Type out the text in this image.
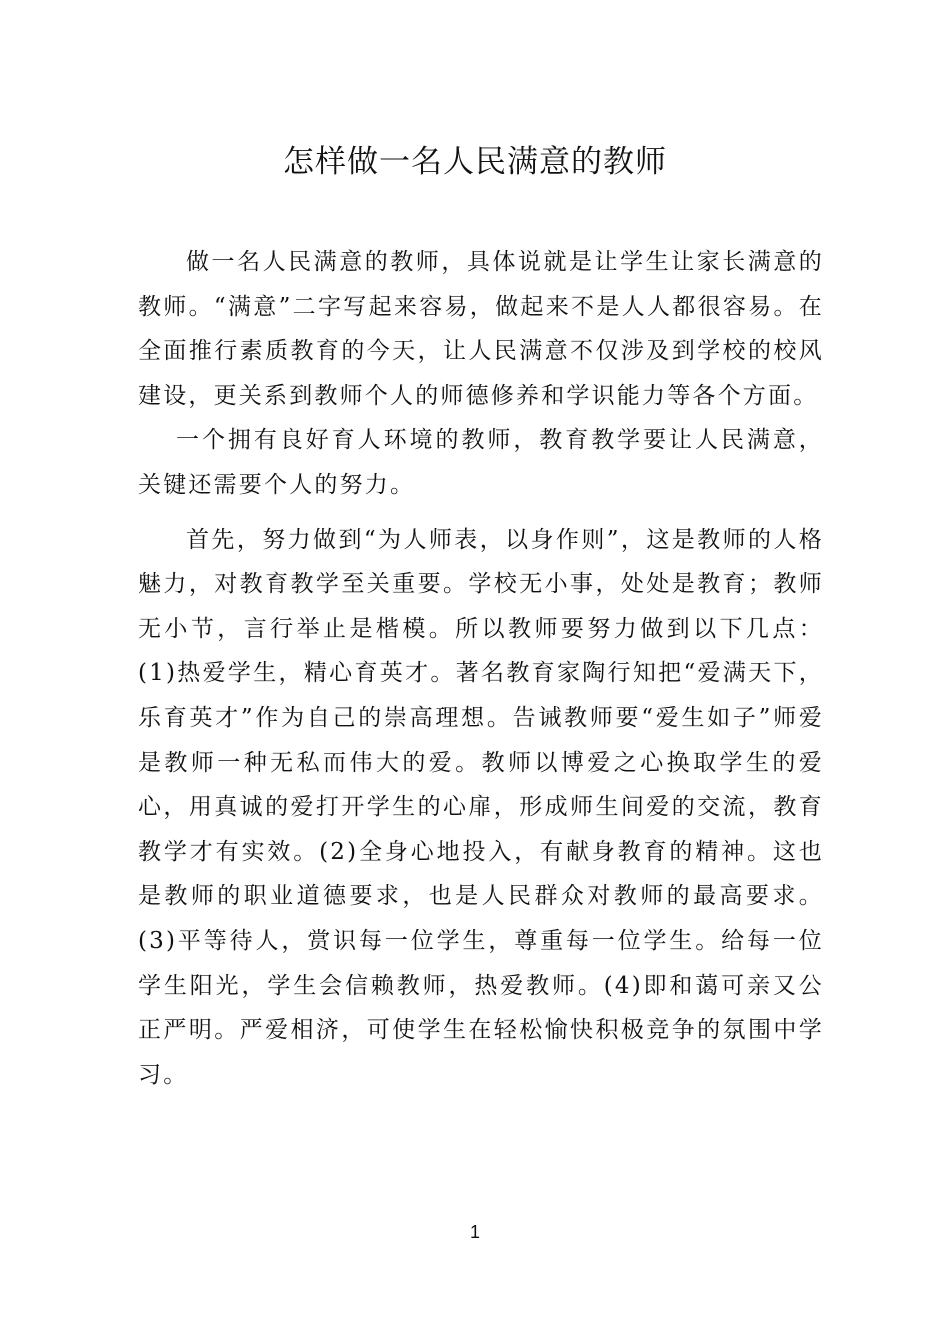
怎样做一名人民满意的教师

做一名人民满意的教师，具体说就是让学生让家长满意的教师。“满意”二字写起来容易，做起来不是人人都很容易。在全面推行素质教育的今天，让人民满意不仅涉及到学校的校风建设，更关系到教师个人的师德修养和学识能力等各个方面。

一个拥有良好育人环境的教师，教育教学要让人民满意，关键还需要个人的努力。

首先，努力做到“为人师表，以身作则”，这是教师的人格魅力，对教育教学至关重要。学校无小事，处处是教育；教师无小节，言行举止是楷模。所以教师要努力做到以下几点：(1)热爱学生，精心育英才。著名教育家陶行知把“爱满天下，乐育英才”作为自己的崇高理想。告诫教师要“爱生如子”师爱是教师一种无私而伟大的爱。教师以博爱之心换取学生的爱心，用真诚的爱打开学生的心扉，形成师生间爱的交流，教育教学才有实效。(2)全身心地投入，有献身教育的精神。这也是教师的职业道德要求，也是人民群众对教师的最高要求。(3)平等待人，赏识每一位学生，尊重每一位学生。给每一位学生阳光，学生会信赖教师，热爱教师。(4)即和蔼可亲又公正严明。严爱相济，可使学生在轻松愉快积极竞争的氛围中学习。

1
